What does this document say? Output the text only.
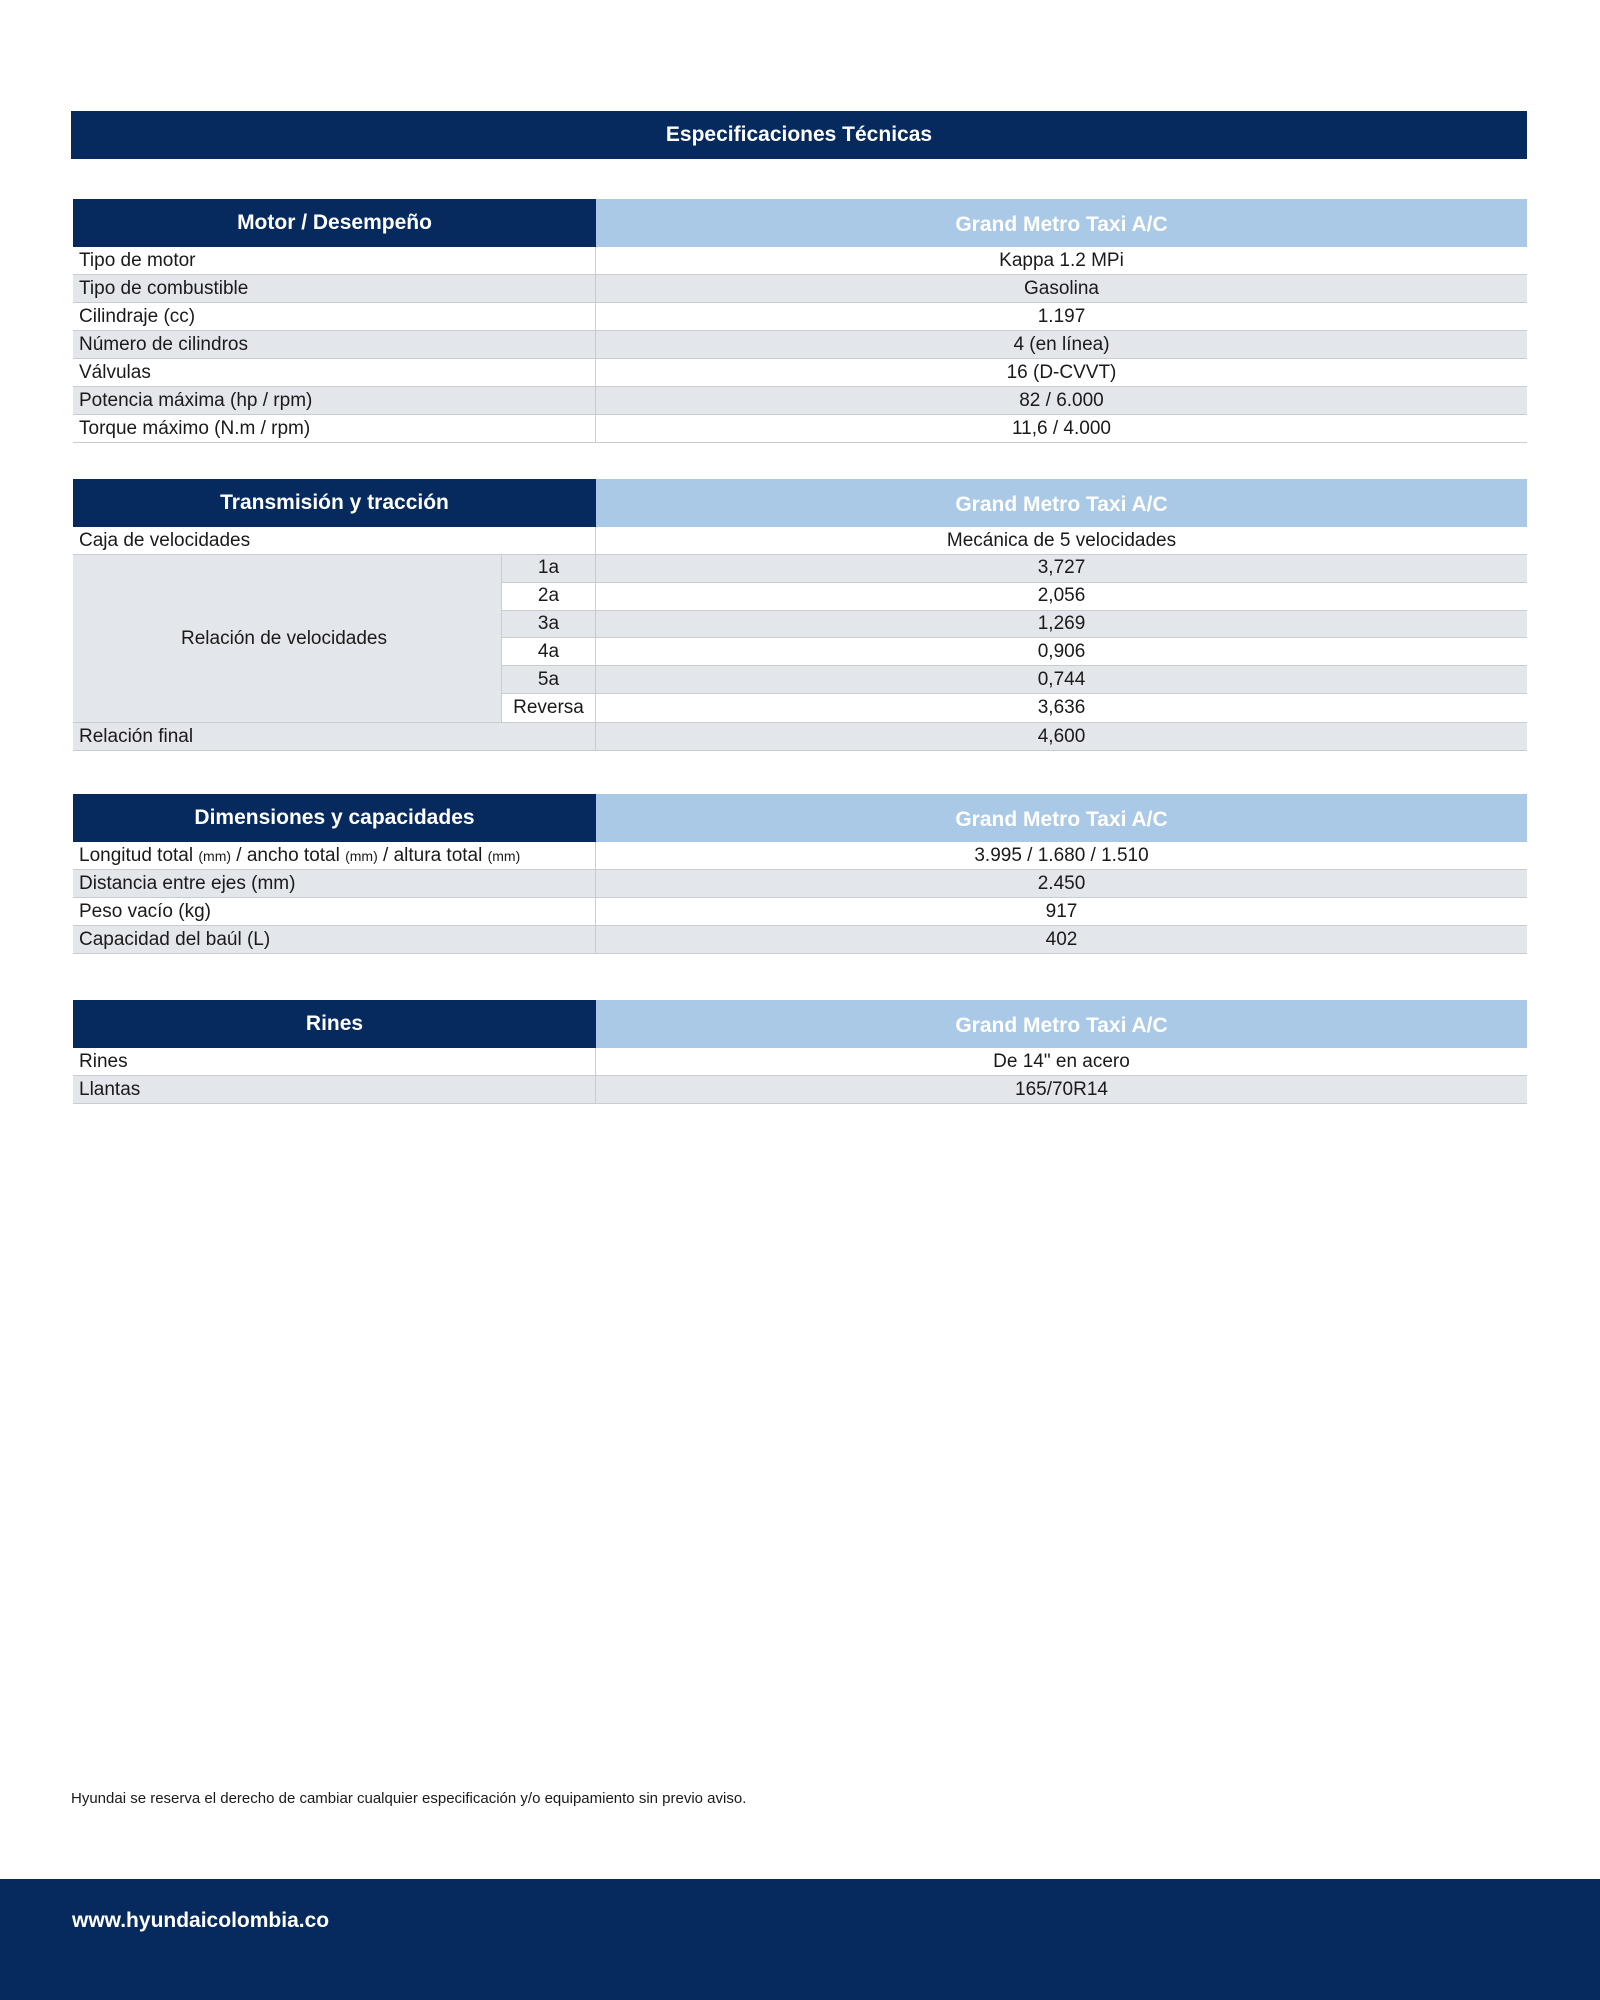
Especificaciones Técnicas
Motor / Desempeño	Grand Metro Taxi A/C
Tipo de motor	Kappa 1.2 MPi
Tipo de combustible	Gasolina
Cilindraje (cc)	1.197
Número de cilindros	4 (en línea)
Válvulas	16 (D-CVVT)
Potencia máxima (hp / rpm)	82 / 6.000
Torque máximo (N.m / rpm)	11,6 / 4.000
Transmisión y tracción	Grand Metro Taxi A/C
Caja de velocidades	Mecánica de 5 velocidades
Relación de velocidades
1a	3,727
2a	2,056
3a	1,269
4a	0,906
5a	0,744
Reversa	3,636
Relación final	4,600
Dimensiones y capacidades	Grand Metro Taxi A/C
Longitud total (mm) / ancho total (mm) / altura total (mm)	3.995 / 1.680 / 1.510
Distancia entre ejes (mm)	2.450
Peso vacío (kg)	917
Capacidad del baúl (L)	402
Rines	Grand Metro Taxi A/C
Rines	De 14" en acero
Llantas	165/70R14
Hyundai se reserva el derecho de cambiar cualquier especificación y/o equipamiento sin previo aviso.
www.hyundaicolombia.co
